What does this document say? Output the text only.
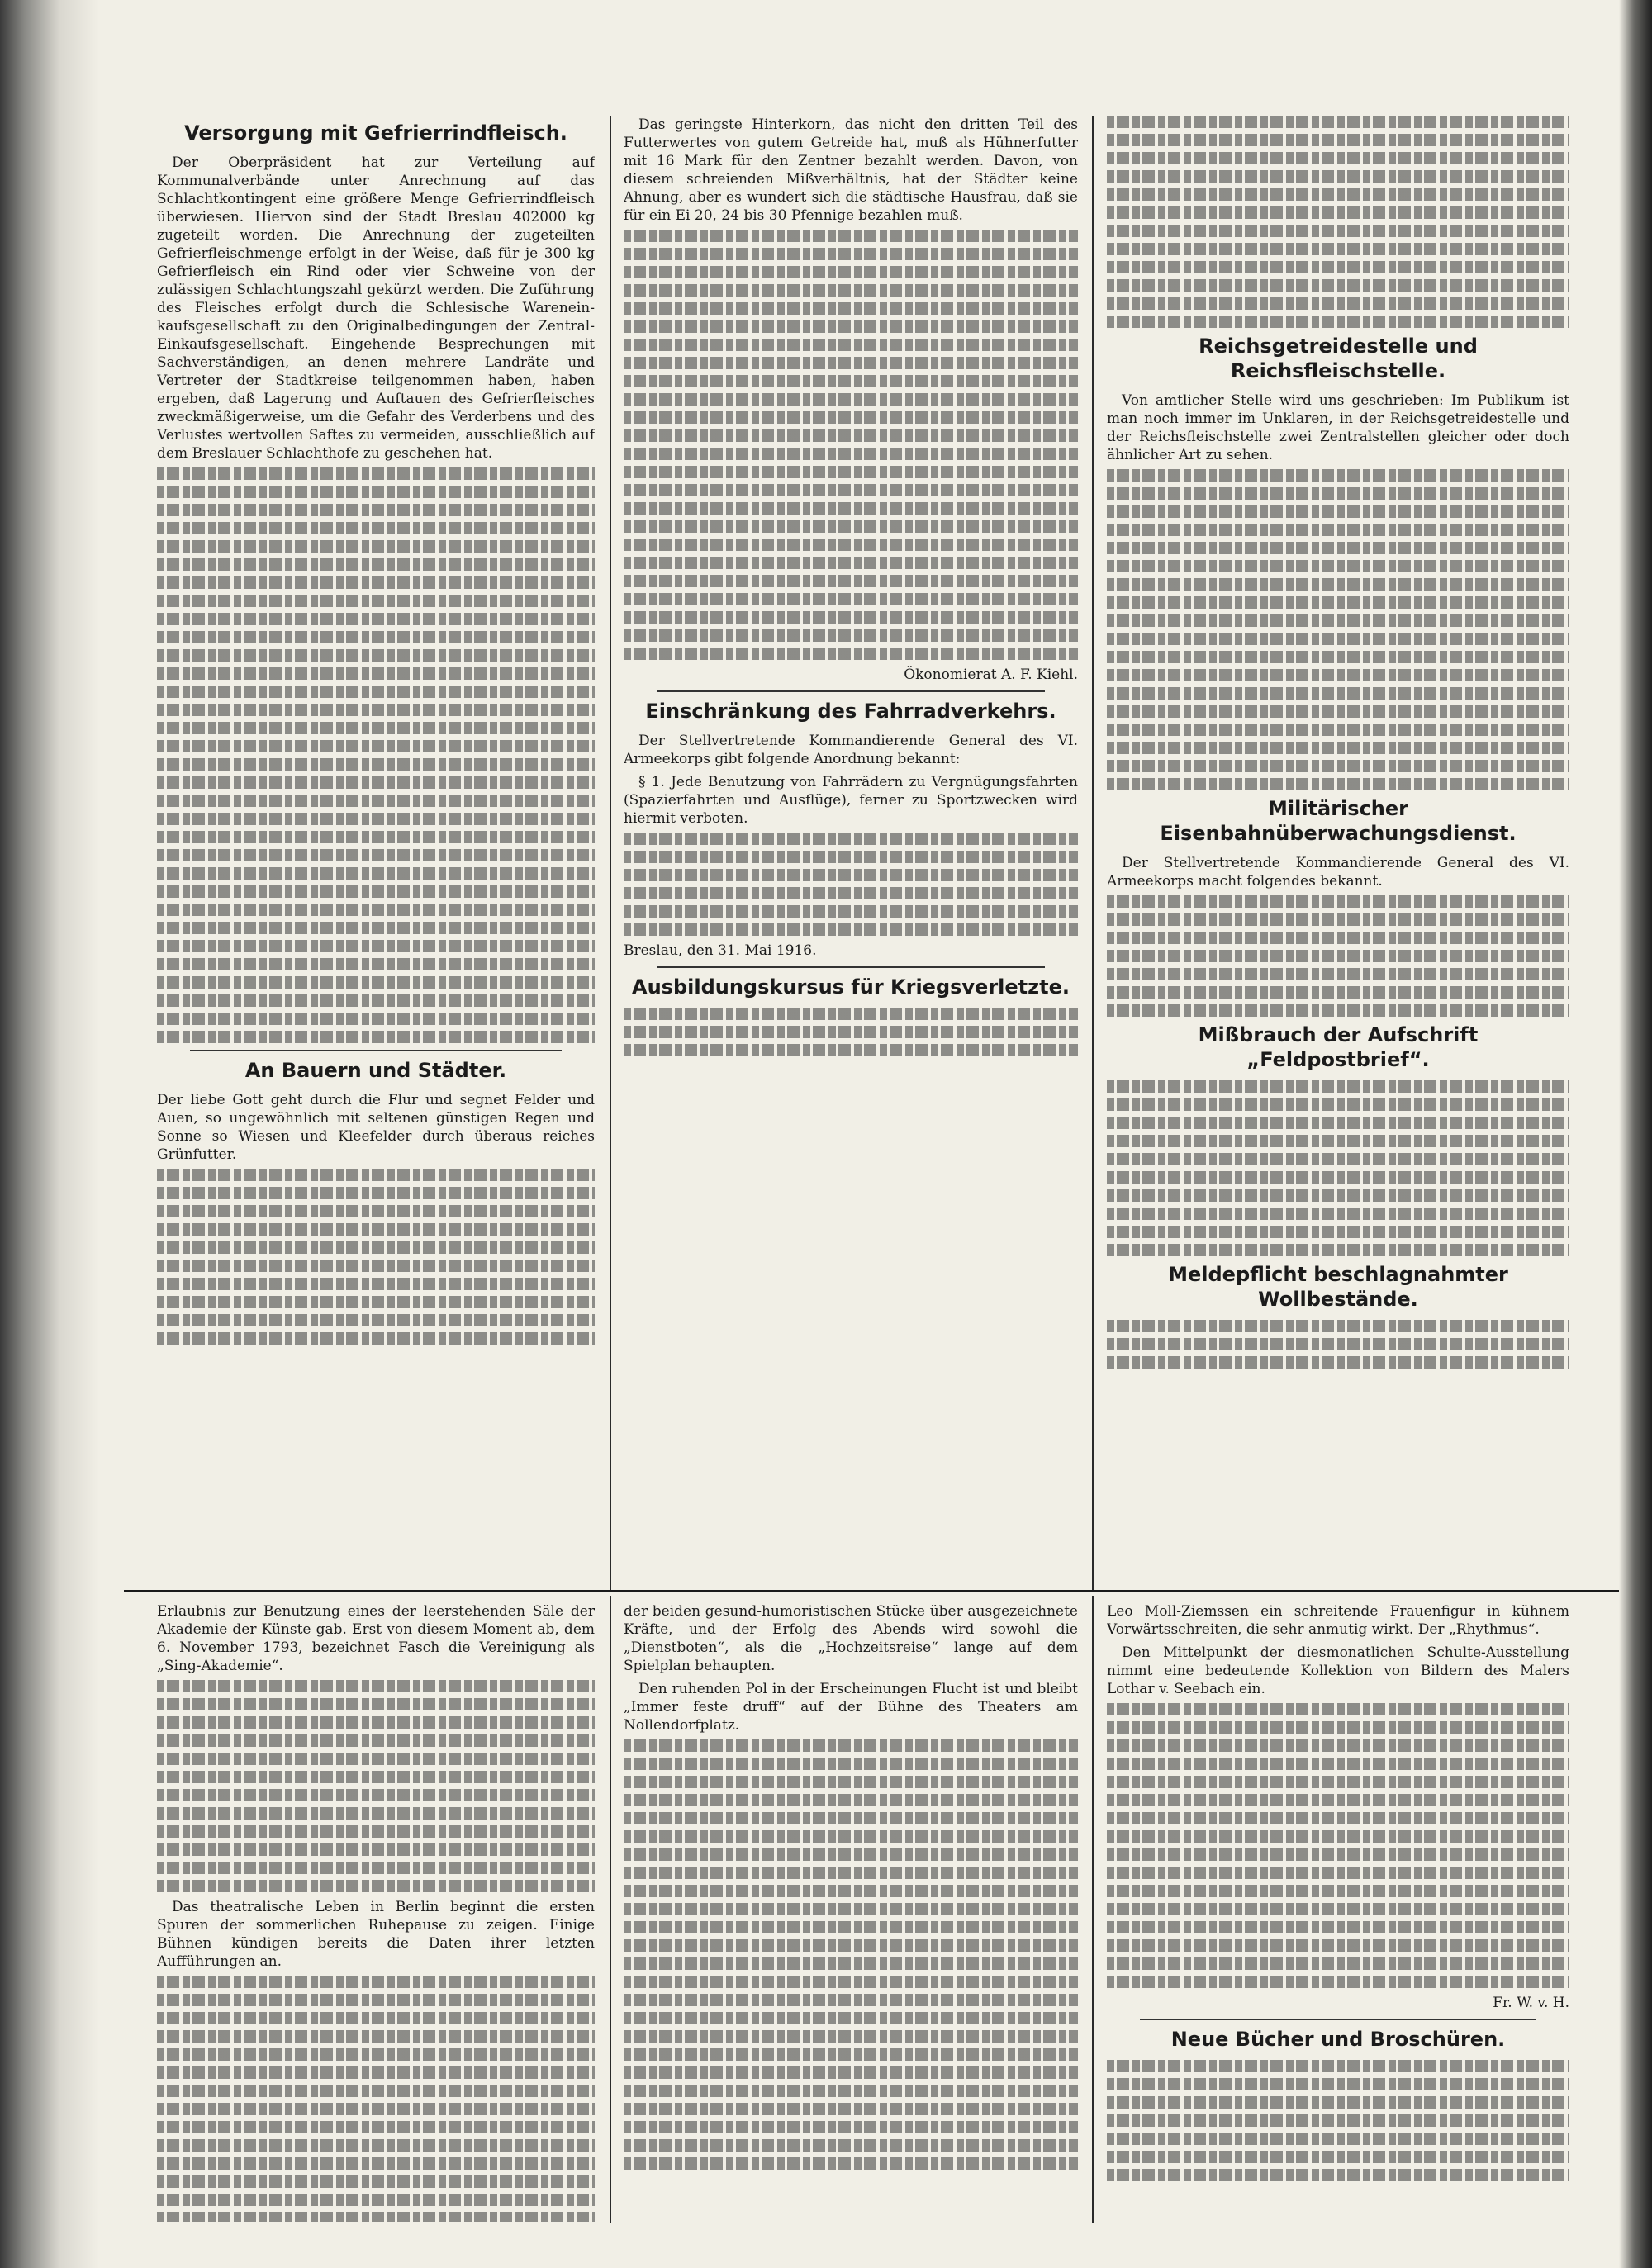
Versorgung mit Gefrierrindfleisch.

Der Oberpräsident hat zur Verteilung auf Kommunalverbände unter Anrechnung auf das Schlachtkontingent eine größere Menge Gefrierrindfleisch überwiesen. Hiervon sind der Stadt Breslau 402000 kg zugeteilt worden. Die Anrechnung der zugeteilten Gefrierfleischmenge erfolgt in der Weise, daß für je 300 kg Gefrierfleisch ein Rind oder vier Schweine von der zulässigen Schlachtungszahl gekürzt werden. Die Zuführung des Fleisches erfolgt durch die Schlesische Warenein-kaufsgesellschaft zu den Originalbedingungen der Zentral-Einkaufsgesellschaft. Eingehende Besprechungen mit Sachverständigen, an denen mehrere Landräte und Vertreter der Stadtkreise teilgenommen haben, haben ergeben, daß Lagerung und Auftauen des Gefrierfleisches zweckmäßigerweise, um die Gefahr des Verderbens und des Verlustes wertvollen Saftes zu vermeiden, ausschließlich auf dem Breslauer Schlachthofe zu geschehen hat.

An Bauern und Städter.

Der liebe Gott geht durch die Flur und segnet Felder und Auen, so ungewöhnlich mit seltenen günstigen Regen und Sonne so Wiesen und Kleefelder durch überaus reiches Grünfutter.

Das geringste Hinterkorn, das nicht den dritten Teil des Futterwertes von gutem Getreide hat, muß als Hühnerfutter mit 16 Mark für den Zentner bezahlt werden. Davon, von diesem schreienden Mißverhältnis, hat der Städter keine Ahnung, aber es wundert sich die städtische Hausfrau, daß sie für ein Ei 20, 24 bis 30 Pfennige bezahlen muß.

Ökonomierat A. F. Kiehl.
Einschränkung des Fahrradverkehrs.

Der Stellvertretende Kommandierende General des VI. Armeekorps gibt folgende Anordnung bekannt:

§ 1. Jede Benutzung von Fahrrädern zu Vergnügungsfahrten (Spazierfahrten und Ausflüge), ferner zu Sportzwecken wird hiermit verboten.

Breslau, den 31. Mai 1916.

Ausbildungskursus für Kriegsverletzte.
Reichsgetreidestelle und Reichsfleischstelle.

Von amtlicher Stelle wird uns geschrieben: Im Publikum ist man noch immer im Unklaren, in der Reichsgetreidestelle und der Reichsfleischstelle zwei Zentralstellen gleicher oder doch ähnlicher Art zu sehen.

Militärischer Eisenbahnüberwachungsdienst.

Der Stellvertretende Kommandierende General des VI. Armeekorps macht folgendes bekannt.

Mißbrauch der Aufschrift „Feldpostbrief“.
Meldepflicht beschlagnahmter Wollbestände.

Erlaubnis zur Benutzung eines der leerstehenden Säle der Akademie der Künste gab. Erst von diesem Moment ab, dem 6. November 1793, bezeichnet Fasch die Vereinigung als „Sing-Akademie“.

Das theatralische Leben in Berlin beginnt die ersten Spuren der sommerlichen Ruhepause zu zeigen. Einige Bühnen kündigen bereits die Daten ihrer letzten Aufführungen an.

der beiden gesund-humoristischen Stücke über ausgezeichnete Kräfte, und der Erfolg des Abends wird sowohl die „Dienstboten“, als die „Hochzeitsreise“ lange auf dem Spielplan behaupten.

Den ruhenden Pol in der Erscheinungen Flucht ist und bleibt „Immer feste druff“ auf der Bühne des Theaters am Nollendorfplatz.

Leo Moll-Ziemssen ein schreitende Frauenfigur in kühnem Vorwärtsschreiten, die sehr anmutig wirkt. Der „Rhythmus“.

Den Mittelpunkt der diesmonatlichen Schulte-Ausstellung nimmt eine bedeutende Kollektion von Bildern des Malers Lothar v. Seebach ein.

Fr. W. v. H.
Neue Bücher und Broschüren.
